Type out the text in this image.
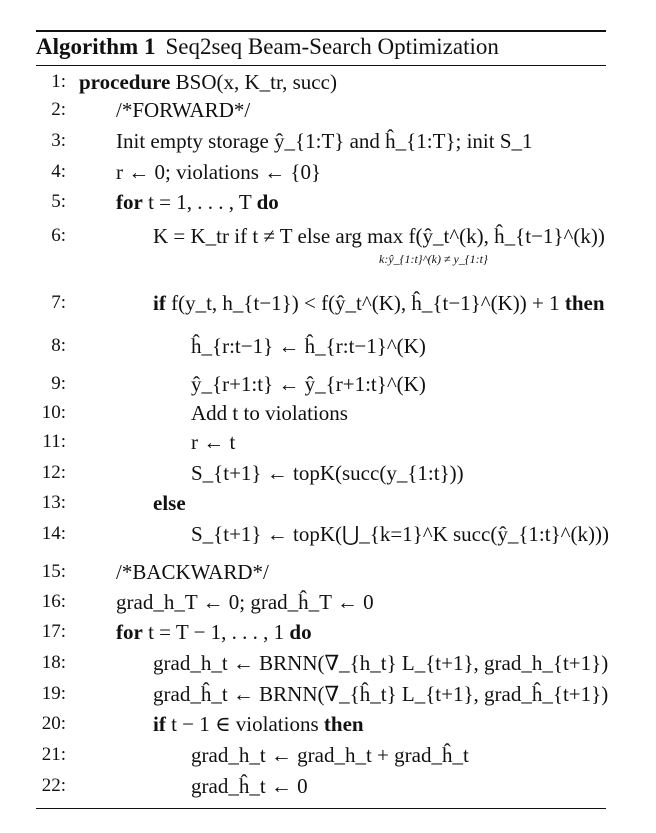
Algorithm 1 Seq2seq Beam-Search Optimization
1: procedure BSO(x, K_tr, succ)
2: /*FORWARD*/
3: Init empty storage ŷ_{1:T} and ĥ_{1:T}; init S_1
4: r ← 0; violations ← {0}
5: for t = 1, . . . , T do
6:	K = K_tr if t ≠ T else arg max f(ŷ_t^(k), ĥ_{t−1}^(k))
k:ŷ_{1:t}^(k) ≠ y_{1:t}
7:	if f(y_t, h_{t−1}) < f(ŷ_t^(K), ĥ_{t−1}^(K)) + 1 then
8:	ĥ_{r:t−1} ← ĥ_{r:t−1}^(K)
9:	ŷ_{r+1:t} ← ŷ_{r+1:t}^(K)
10:	Add t to violations
11:	r ← t
12:	S_{t+1} ← topK(succ(y_{1:t}))
13:	else
14:	S_{t+1} ← topK(⋃_{k=1}^K succ(ŷ_{1:t}^(k)))
15: /*BACKWARD*/
16: grad_h_T ← 0; grad_ĥ_T ← 0
17: for t = T − 1, . . . , 1 do
18:	grad_h_t ← BRNN(∇_{h_t} L_{t+1}, grad_h_{t+1})
19:	grad_ĥ_t ← BRNN(∇_{ĥ_t} L_{t+1}, grad_ĥ_{t+1})
20:	if t − 1 ∈ violations then
21:	grad_h_t ← grad_h_t + grad_ĥ_t
22:	grad_ĥ_t ← 0
